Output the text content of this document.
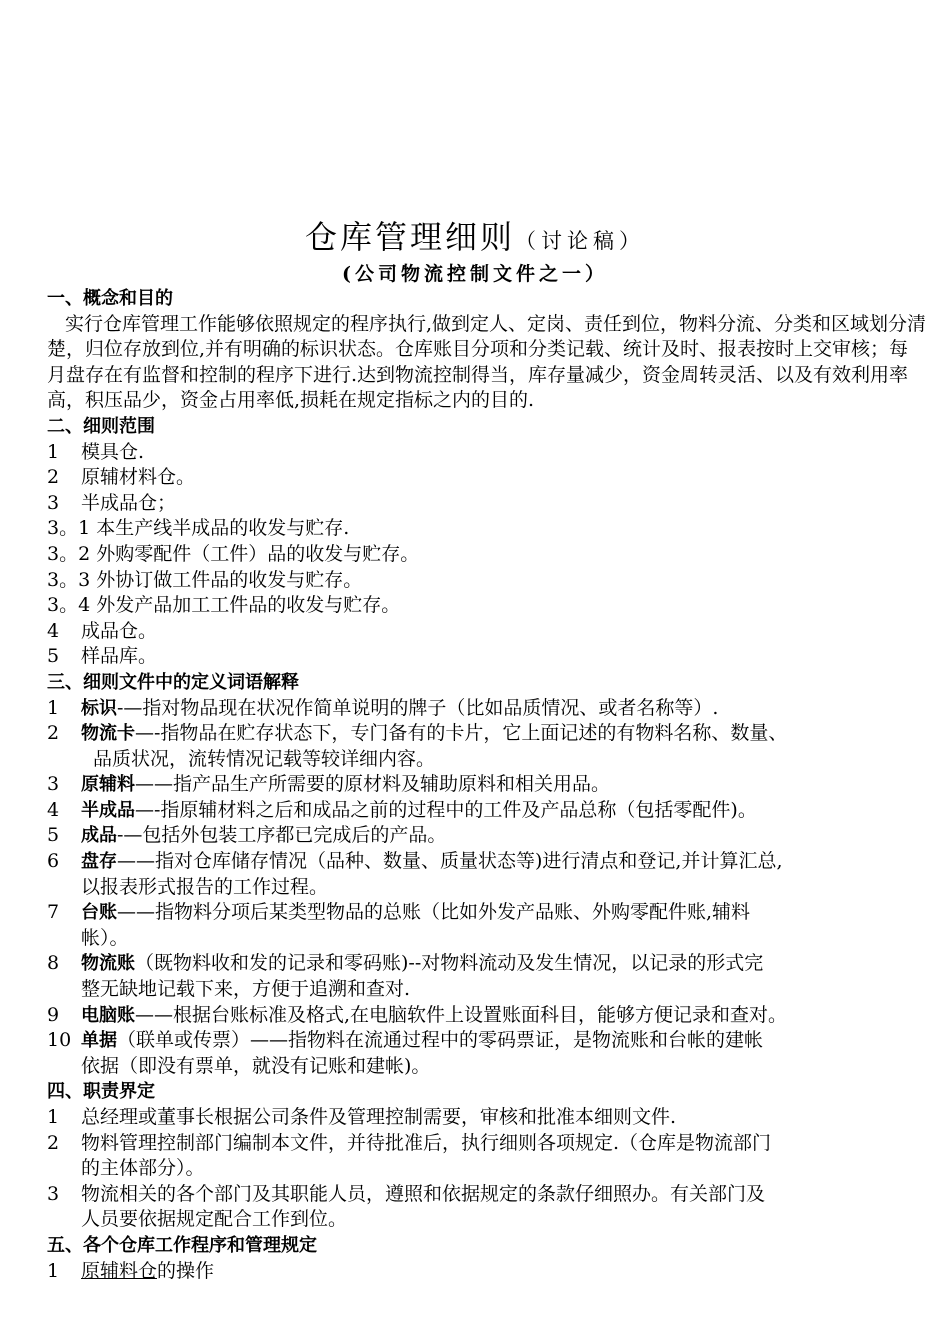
仓库管理细则（讨论稿）
(公司物流控制文件之一）
一、概念和目的
实行仓库管理工作能够依照规定的程序执行,做到定人、定岗、责任到位，物料分流、分类和区域划分清楚，归位存放到位,并有明确的标识状态。仓库账目分项和分类记载、统计及时、报表按时上交审核；每月盘存在有监督和控制的程序下进行.达到物流控制得当，库存量减少，资金周转灵活、以及有效利用率高，积压品少，资金占用率低,损耗在规定指标之内的目的.
二、细则范围
1	模具仓.
2	原辅材料仓。
3	半成品仓；
3。1 本生产线半成品的收发与贮存.
3。2 外购零配件（工件）品的收发与贮存。
3。3 外协订做工件品的收发与贮存。
3。4 外发产品加工工件品的收发与贮存。
4	成品仓。
5	样品库。
三、细则文件中的定义词语解释
1	标识-—指对物品现在状况作简单说明的牌子（比如品质情况、或者名称等）.
2	物流卡—-指物品在贮存状态下，专门备有的卡片，它上面记述的有物料名称、数量、
品质状况，流转情况记载等较详细内容。
3	原辅料——指产品生产所需要的原材料及辅助原料和相关用品。
4	半成品—-指原辅材料之后和成品之前的过程中的工件及产品总称（包括零配件)。
5	成品-—包括外包装工序都已完成后的产品。
6	盘存——指对仓库储存情况（品种、数量、质量状态等)进行清点和登记,并计算汇总,
以报表形式报告的工作过程。
7	台账——指物料分项后某类型物品的总账（比如外发产品账、外购零配件账,辅料
帐）。
8	物流账（既物料收和发的记录和零码账)--对物料流动及发生情况，以记录的形式完
整无缺地记载下来，方便于追溯和查对.
9	电脑账——根据台账标准及格式,在电脑软件上设置账面科目，能够方便记录和查对。
10 单据（联单或传票）——指物料在流通过程中的零码票证，是物流账和台帐的建帐
依据（即没有票单，就没有记账和建帐)。
四、职责界定
1	总经理或董事长根据公司条件及管理控制需要，审核和批准本细则文件.
2	物料管理控制部门编制本文件，并待批准后，执行细则各项规定.（仓库是物流部门
的主体部分）。
3	物流相关的各个部门及其职能人员，遵照和依据规定的条款仔细照办。有关部门及
人员要依据规定配合工作到位。
五、各个仓库工作程序和管理规定
1	原辅料仓的操作
